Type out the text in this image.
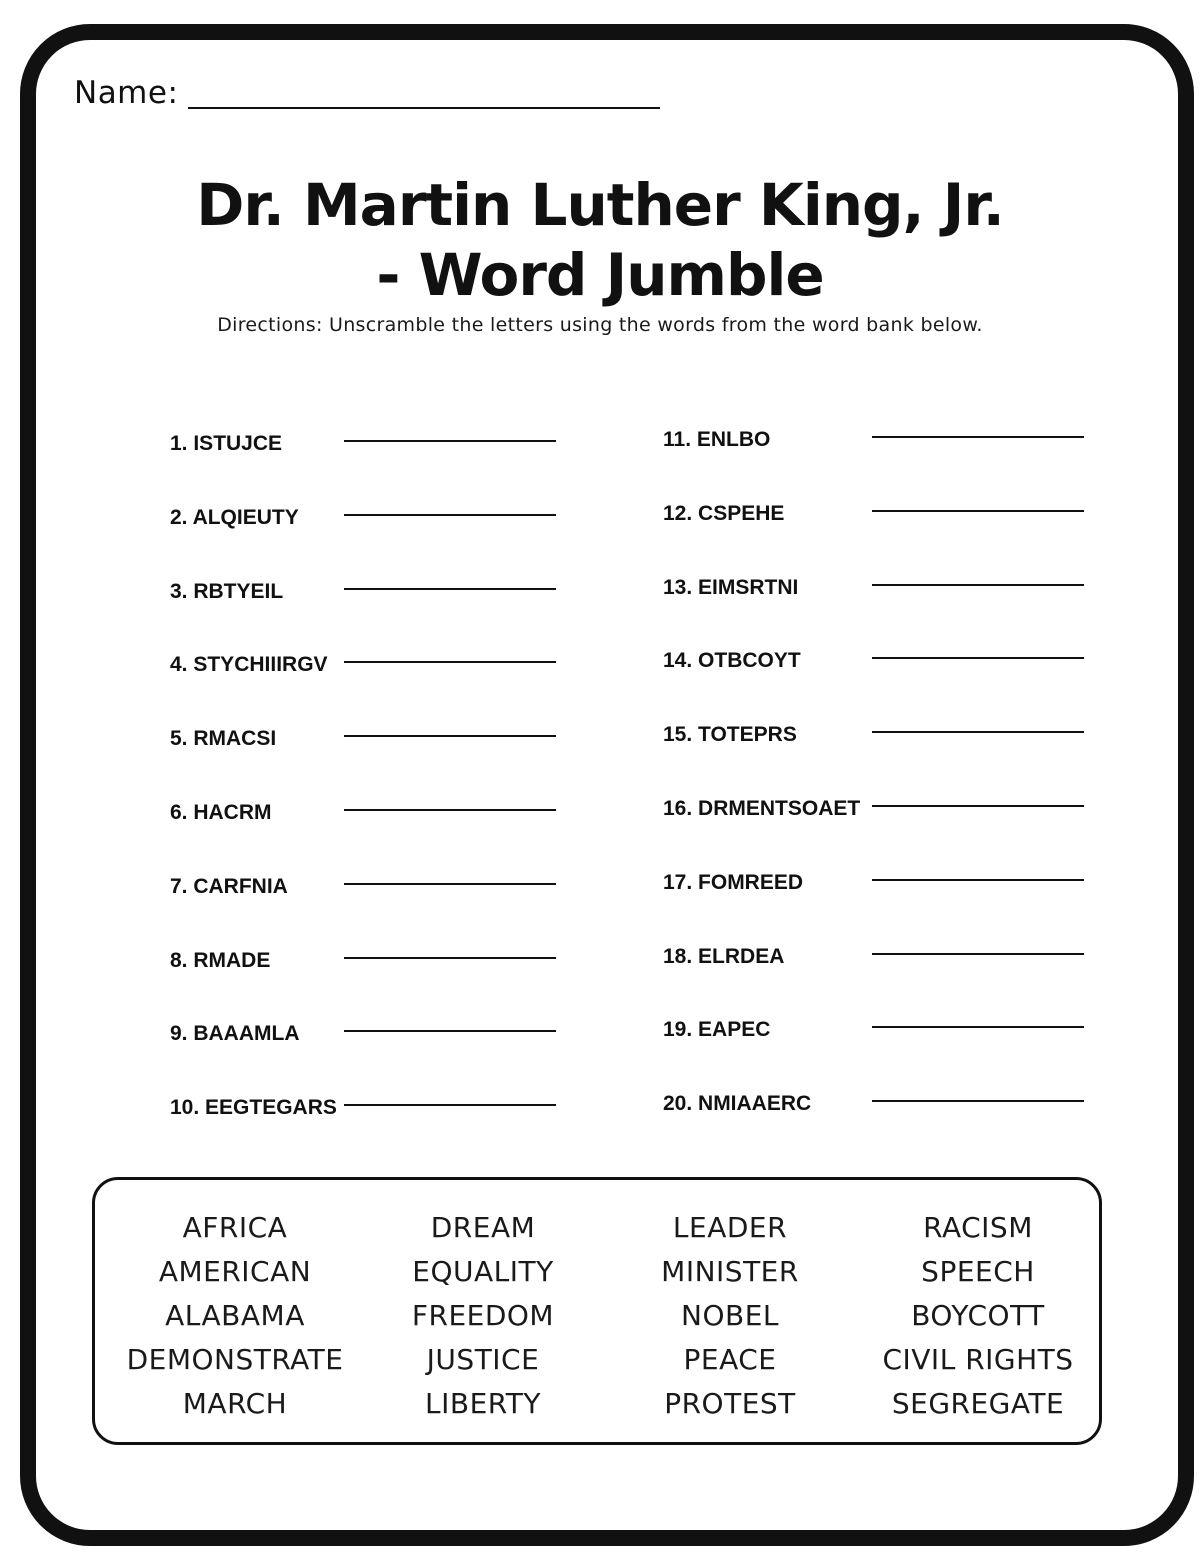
Name:
Dr. Martin Luther King, Jr.
- Word Jumble
Directions: Unscramble the letters using the words from the word bank below.
1. ISTUJCE
2. ALQIEUTY
3. RBTYEIL
4. STYCHIIIRGV
5. RMACSI
6. HACRM
7. CARFNIA
8. RMADE
9. BAAAMLA
10. EEGTEGARS
11. ENLBO
12. CSPEHE
13. EIMSRTNI
14. OTBCOYT
15. TOTEPRS
16. DRMENTSOAET
17. FOMREED
18. ELRDEA
19. EAPEC
20. NMIAAERC
AFRICA
AMERICAN
ALABAMA
DEMONSTRATE
MARCH
DREAM
EQUALITY
FREEDOM
JUSTICE
LIBERTY
LEADER
MINISTER
NOBEL
PEACE
PROTEST
RACISM
SPEECH
BOYCOTT
CIVIL RIGHTS
SEGREGATE
